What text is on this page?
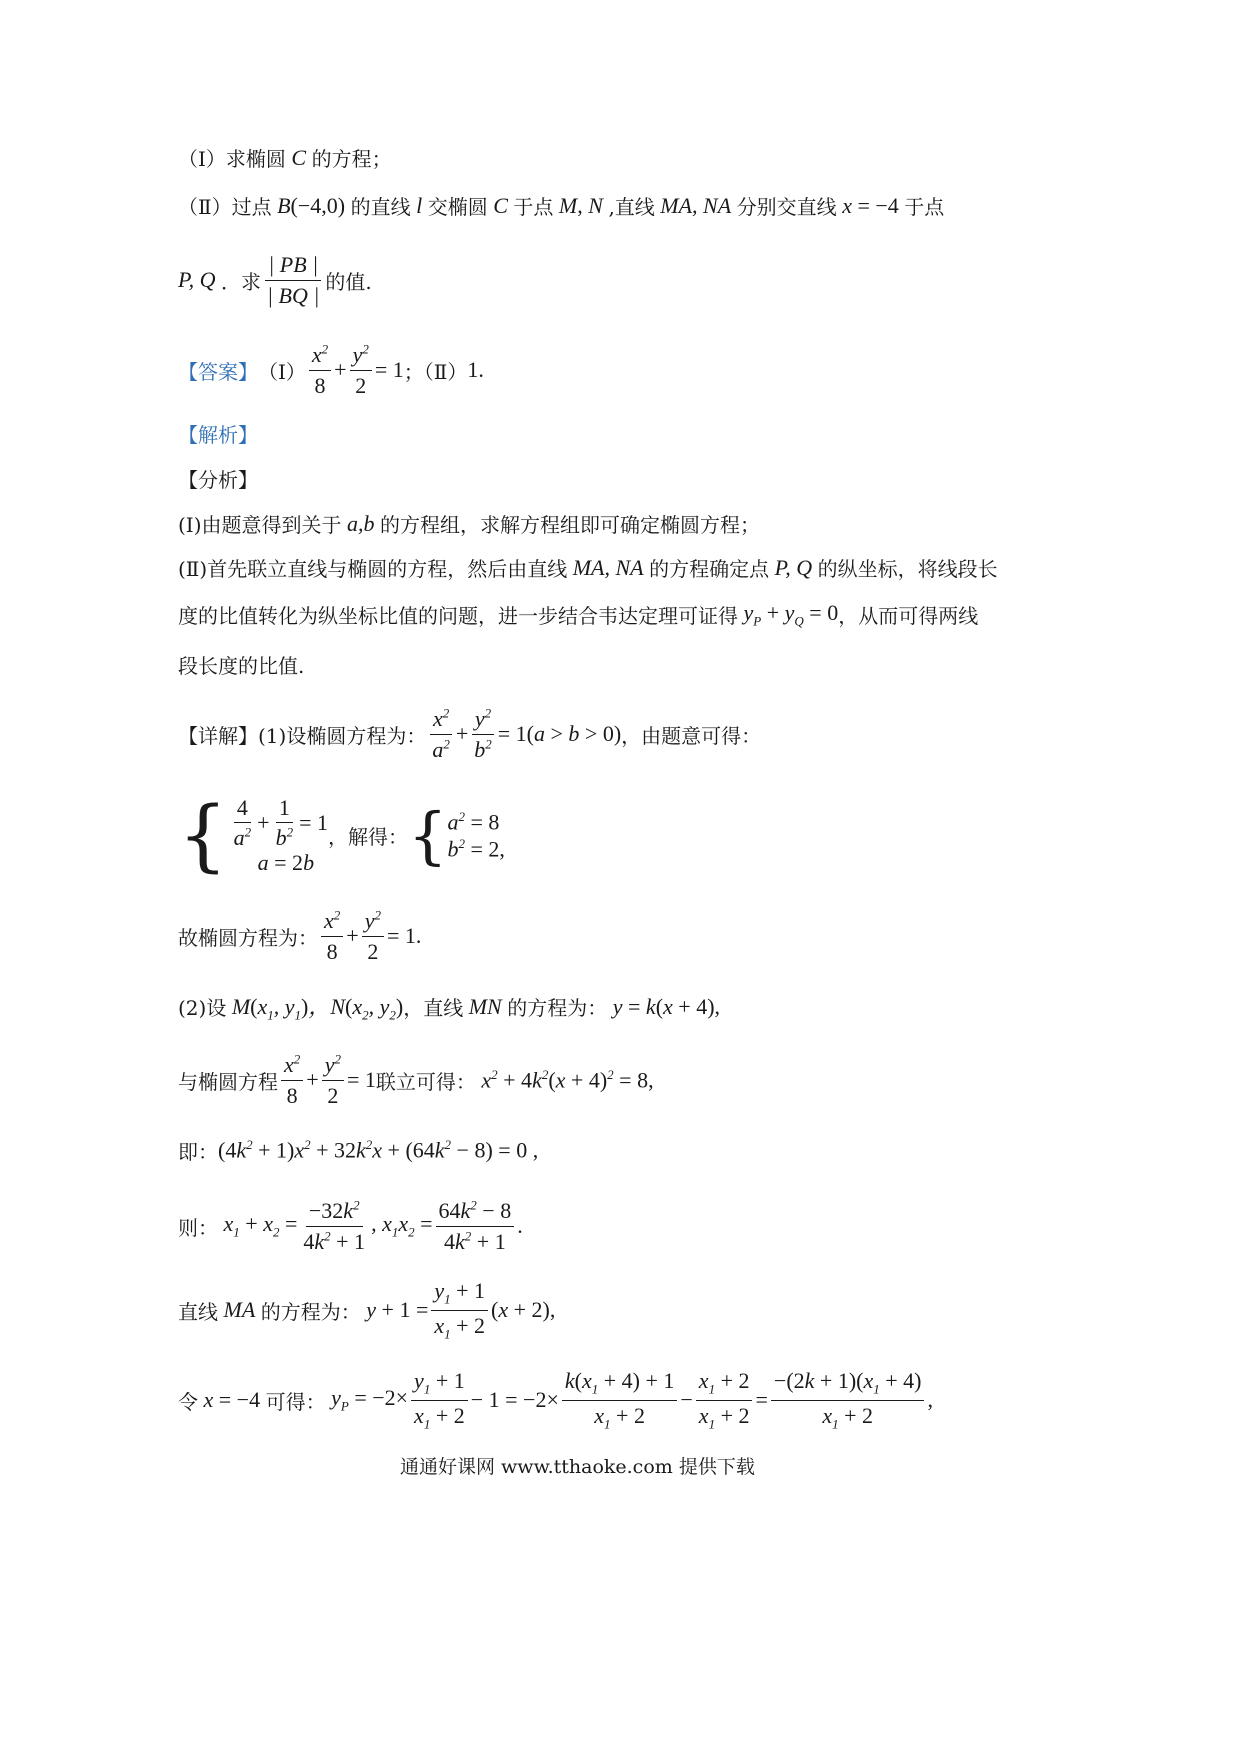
（Ⅰ） 求椭圆 C 的方程；
（Ⅱ） 过点 B (−4,0) 的直线 l 交椭圆 C 于点 M , N ,直线 MA, NA 分别交直线 x = −4 于点
P, Q ．求 $\frac{| PB |}{| BQ |}$ 的值.
【答案】 （Ⅰ） $\frac{x^2}{8} + \frac{y^2}{2} = 1$ ；（Ⅱ） 1.
【解析】
【分析】
(Ⅰ)由题意得到关于 a,b 的方程组，求解方程组即可确定椭圆方程；
(Ⅱ)首先联立直线与椭圆的方程，然后由直线 MA, NA 的方程确定点 P, Q 的纵坐标，将线段长
度的比值转化为纵坐标比值的问题，进一步结合韦达定理可证得 $y_P + y_Q = 0$ ，从而可得两线
段长度的比值.
【详解】 (1)设椭圆方程为： $\frac{x^2}{a^2} + \frac{y^2}{b^2} = 1(a > b > 0)$ ，由题意可得：
{ $\frac{4}{a^2} + \frac{1}{b^2} = 1$
a = 2b
，解得： { $a^2 = 8$
$b^2 = 2$,
故椭圆方程为： $\frac{x^2}{8} + \frac{y^2}{2} = 1$.
(2)设 $M(x_1$, $y_1$)，$N(x_2$, $y_2$) ，直线 MN 的方程为： y = k(x + 4),
与椭圆方程 $\frac{x^2}{8} + \frac{y^2}{2} = 1$ 联立可得： $x^2 + 4k^2(x + 4)^2 = 8$,
即： $(4k^2 + 1)x^2 + 32k^2x + (64k^2 - 8) = 0$ ,
则： $x_1 + x_2 = \frac{-32k^2}{4k^2 + 1}$ , $x_1x_2 = \frac{64k^2 - 8}{4k^2 + 1}$ .
直线 MA 的方程为： $y + 1 = \frac{y_1 + 1}{x_1 + 2} (x + 2)$,
令 x = −4 可得： $y_P = -2\times \frac{y_1 + 1}{x_1 + 2} - 1 = -2\times \frac{k(x_1 + 4) + 1}{x_1 + 2} - \frac{x_1 + 2}{x_1 + 2} = \frac{-(2k + 1)(x_1 + 4)}{x_1 + 2}$ ,
通通好课网 www.tthaoke.com 提供下载
